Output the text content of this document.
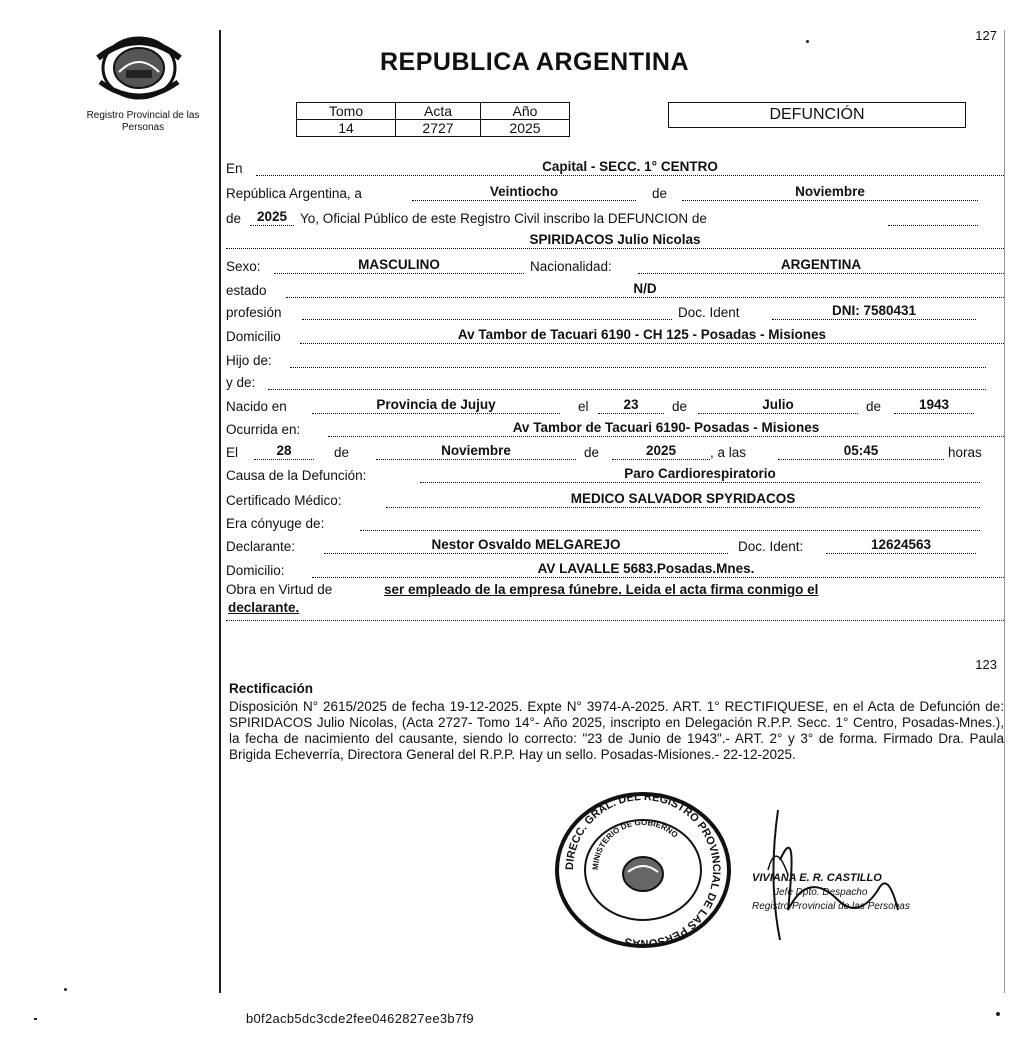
Registro Provincial de las Personas
127
REPUBLICA ARGENTINA
Tomo	Acta	Año
14	2727	2025
DEFUNCIÓN
En	Capital - SECC. 1° CENTRO
República Argentina, a	Veintiocho	de	Noviembre
de	2025 Yo, Oficial Público de este Registro Civil inscribo la DEFUNCION de
SPIRIDACOS Julio Nicolas
Sexo:	MASCULINO	Nacionalidad:	ARGENTINA
estado	N/D
profesión	Doc. Ident	DNI: 7580431
Domicilio	Av Tambor de Tacuari 6190 - CH 125 - Posadas - Misiones
Hijo de:
y de:
Nacido en	Provincia de Jujuy	el	23	de	Julio	de	1943
Ocurrida en:	Av Tambor de Tacuari 6190- Posadas - Misiones
El	28	de	Noviembre	de	2025	, a las	05:45	horas
Causa de la Defunción:	Paro Cardiorespiratorio
Certificado Médico:	MEDICO SALVADOR SPYRIDACOS
Era cónyuge de:
Declarante:	Nestor Osvaldo MELGAREJO	Doc. Ident:	12624563
Domicilio:	AV LAVALLE 5683.Posadas.Mnes.
Obra en Virtud de	ser empleado de la empresa fúnebre. Leida el acta firma conmigo el
declarante.
123
Rectificación
Disposición N° 2615/2025 de fecha 19-12-2025. Expte N° 3974-A-2025. ART. 1° RECTIFIQUESE, en el Acta de Defunción de: SPIRIDACOS Julio Nicolas, (Acta 2727- Tomo 14°- Año 2025, inscripto en Delegación R.P.P. Secc. 1° Centro, Posadas-Mnes.), la fecha de nacimiento del causante, siendo lo correcto: "23 de Junio de 1943".- ART. 2° y 3° de forma. Firmado Dra. Paula Brigida Echeverría, Directora General del R.P.P. Hay un sello. Posadas-Misiones.- 22-12-2025.
DIRECC. GRAL. DEL REGISTRO PROVINCIAL DE LAS PERSONAS
MINISTERIO DE GOBIERNO
VIVIANA E. R. CASTILLO
Jefe Dpto. Despacho
Registro Provincial de las Personas
b0f2acb5dc3cde2fee0462827ee3b7f9
